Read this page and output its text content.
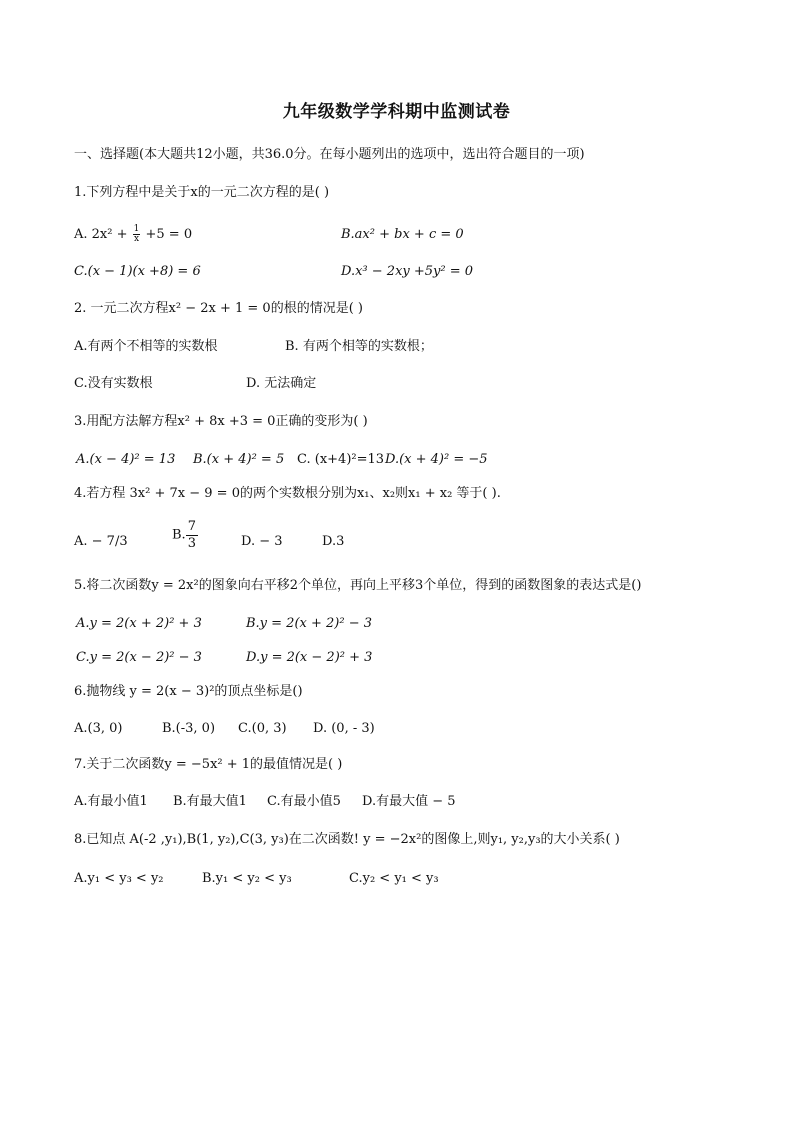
九年级数学学科期中监测试卷
一、选择题(本大题共12小题，共36.0分。在每小题列出的选项中，选出符合题目的一项)
1.下列方程中是关于x的一元二次方程的是( )
A. $2x^2 + \frac{1}{x} +5 = 0$	B.ax² + bx + c = 0
C.(x − 1)(x +8) = 6	D.x³ − 2xy +5y² = 0
2. 一元二次方程x² − 2x + 1 = 0的根的情况是( )
A.有两个不相等的实数根	B. 有两个相等的实数根；
C.没有实数根	D. 无法确定
3.用配方法解方程x² + 8x +3 = 0正确的变形为( )
A.(x − 4)² = 13 B.(x + 4)² = 5 C. (x+4)²=13 D.(x + 4)² = −5
4.若方程 3x² + 7x − 9 = 0的两个实数根分别为x₁、x₂则x₁ + x₂ 等于( ).
A. − 7/3	B. $\frac{7}{3}$	D. − 3	D.3
5.将二次函数y = 2x²的图象向右平移2个单位，再向上平移3个单位，得到的函数图象的表达式是()
A.y = 2(x + 2)² + 3	B.y = 2(x + 2)² − 3
C.y = 2(x − 2)² − 3	D.y = 2(x − 2)² + 3
6.抛物线 y = 2(x − 3)²的顶点坐标是()
A.(3, 0)	B.(-3, 0) C.(0, 3) D. (0, - 3)
7.关于二次函数y = −5x² + 1的最值情况是( )
A.有最小值1 B.有最大值1 C.有最小值5 D.有最大值 − 5
8.已知点 A(-2 ,y₁),B(1, y₂),C(3, y₃)在二次函数! y = −2x²的图像上,则y₁, y₂,y₃的大小关系( )
A.y₁ < y₃ < y₂	B.y₁ < y₂ < y₃	C.y₂ < y₁ < y₃
